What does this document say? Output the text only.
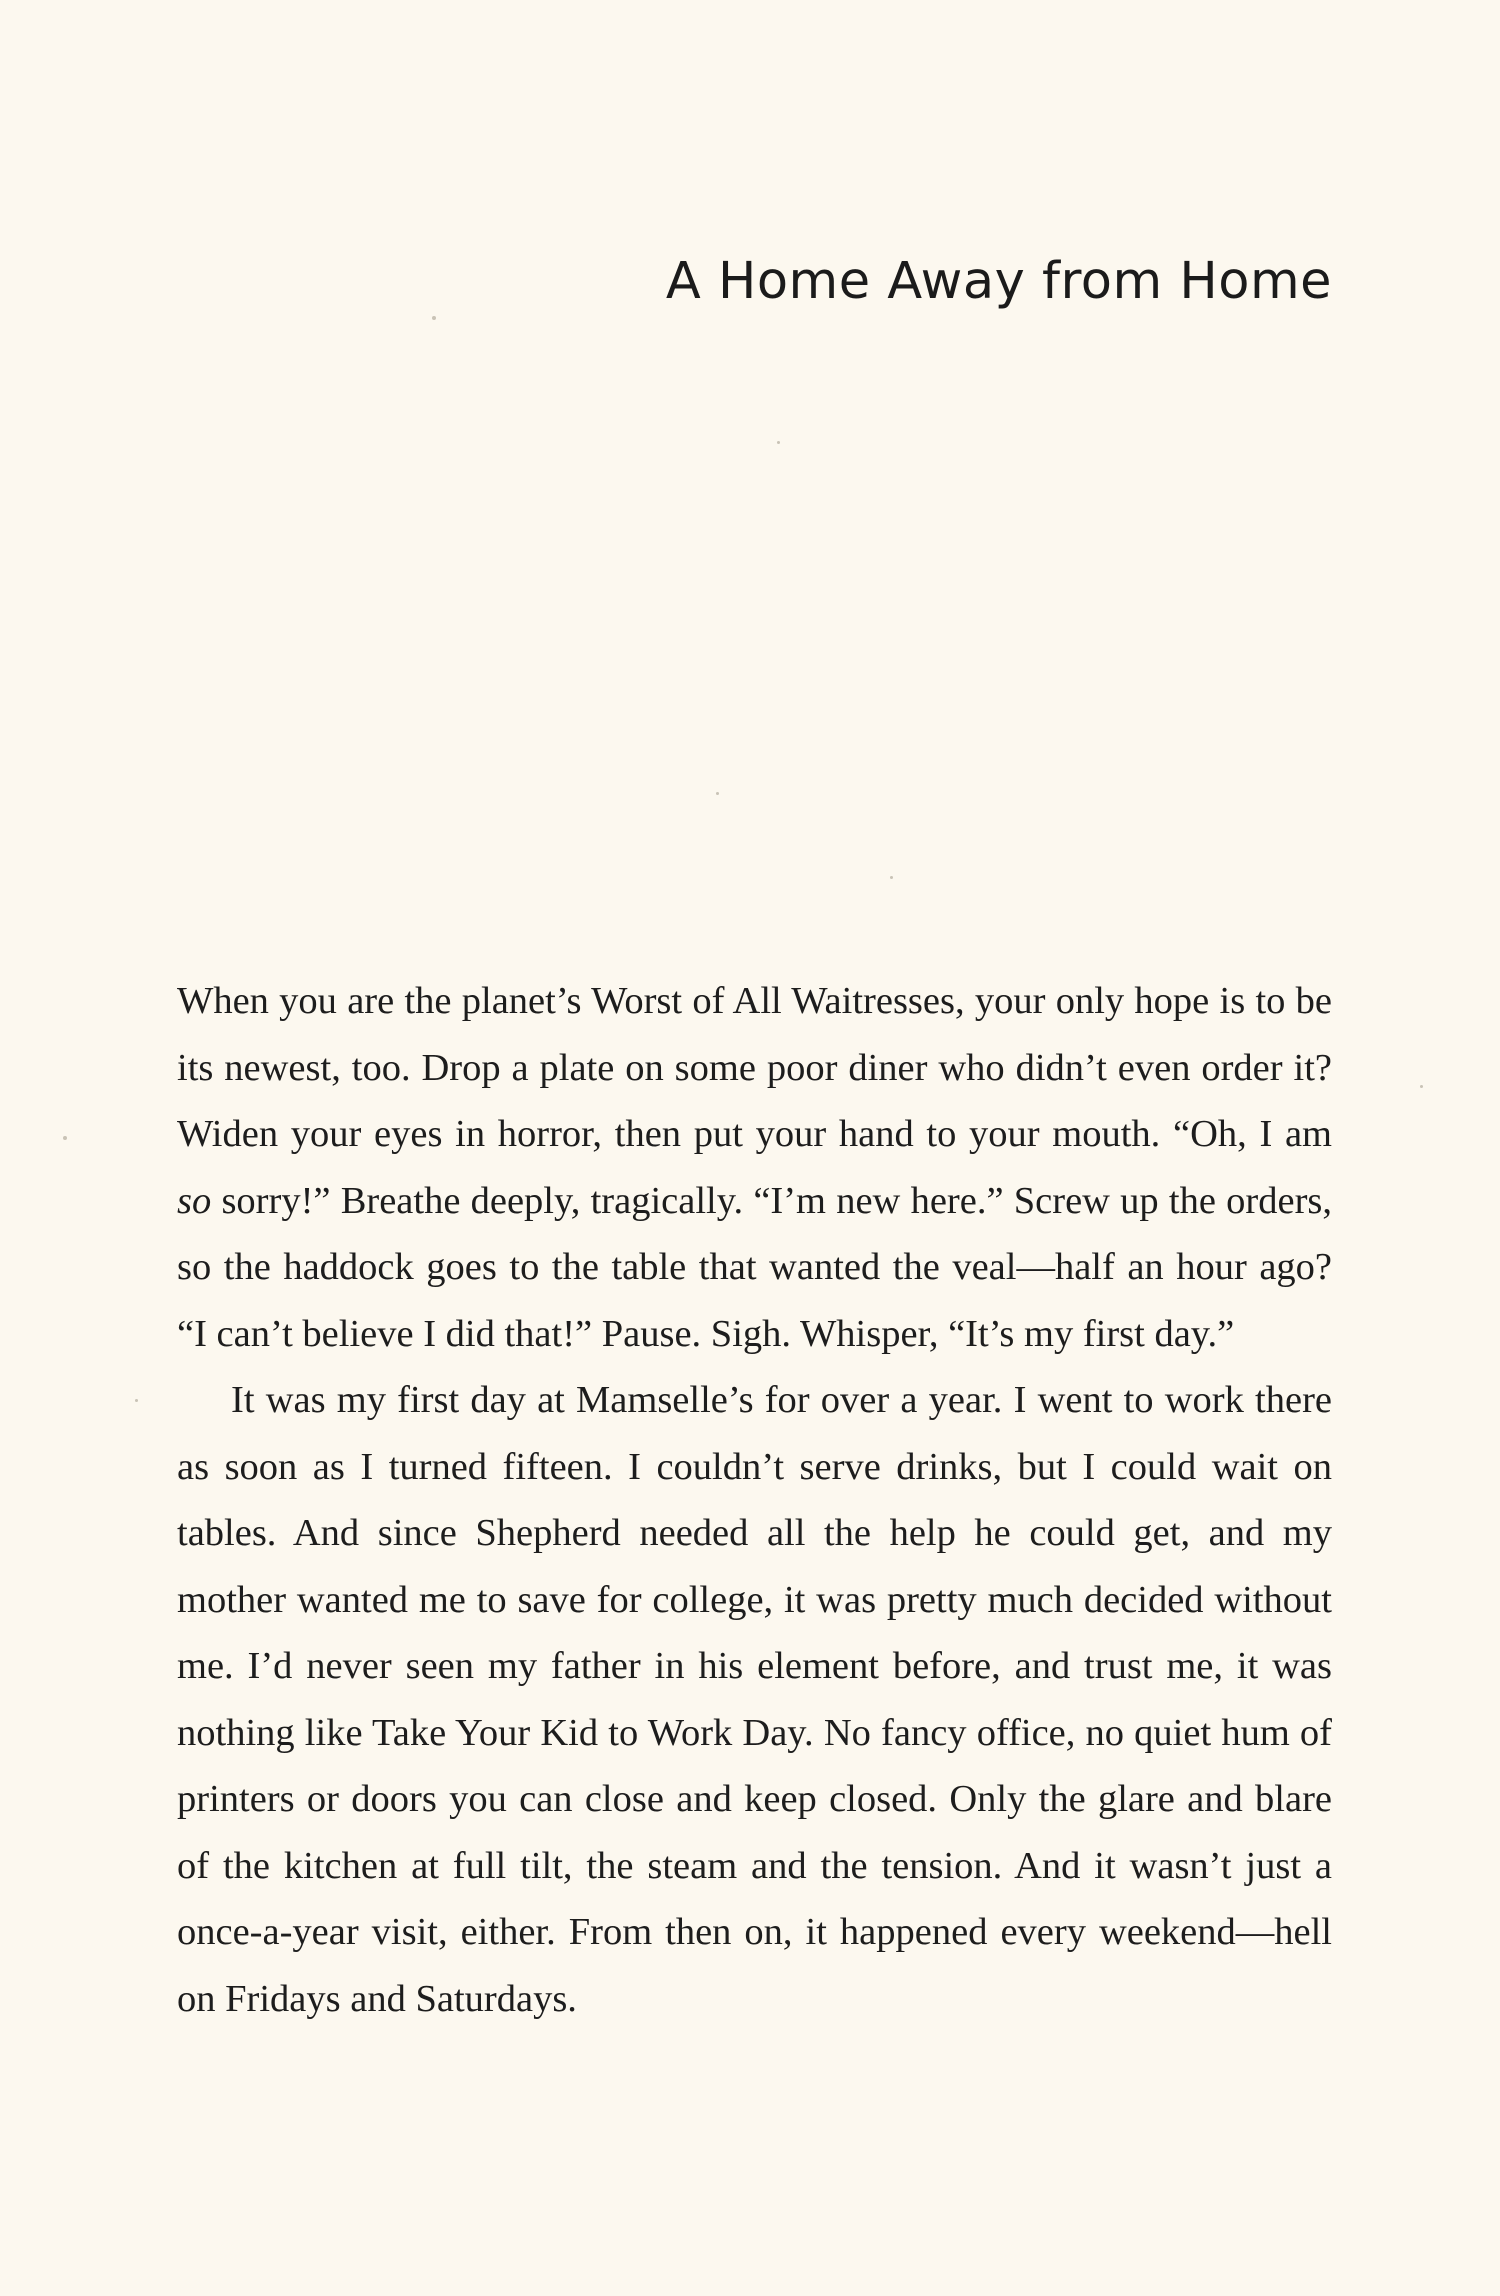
A Home Away from Home

When you are the planet’s Worst of All Waitresses, your only hope is to be its newest, too. Drop a plate on some poor diner who didn’t even order it? Widen your eyes in horror, then put your hand to your mouth. “Oh, I am so sorry!” Breathe deeply, tragically. “I’m new here.” Screw up the orders, so the haddock goes to the table that wanted the veal—half an hour ago? “I can’t believe I did that!” Pause. Sigh. Whisper, “It’s my first day.”

It was my first day at Mamselle’s for over a year. I went to work there as soon as I turned fifteen. I couldn’t serve drinks, but I could wait on tables. And since Shepherd needed all the help he could get, and my mother wanted me to save for college, it was pretty much decided without me. I’d never seen my father in his element before, and trust me, it was nothing like Take Your Kid to Work Day. No fancy office, no quiet hum of printers or doors you can close and keep closed. Only the glare and blare of the kitchen at full tilt, the steam and the tension. And it wasn’t just a once-a-year visit, either. From then on, it happened every weekend—hell on Fridays and Saturdays.
